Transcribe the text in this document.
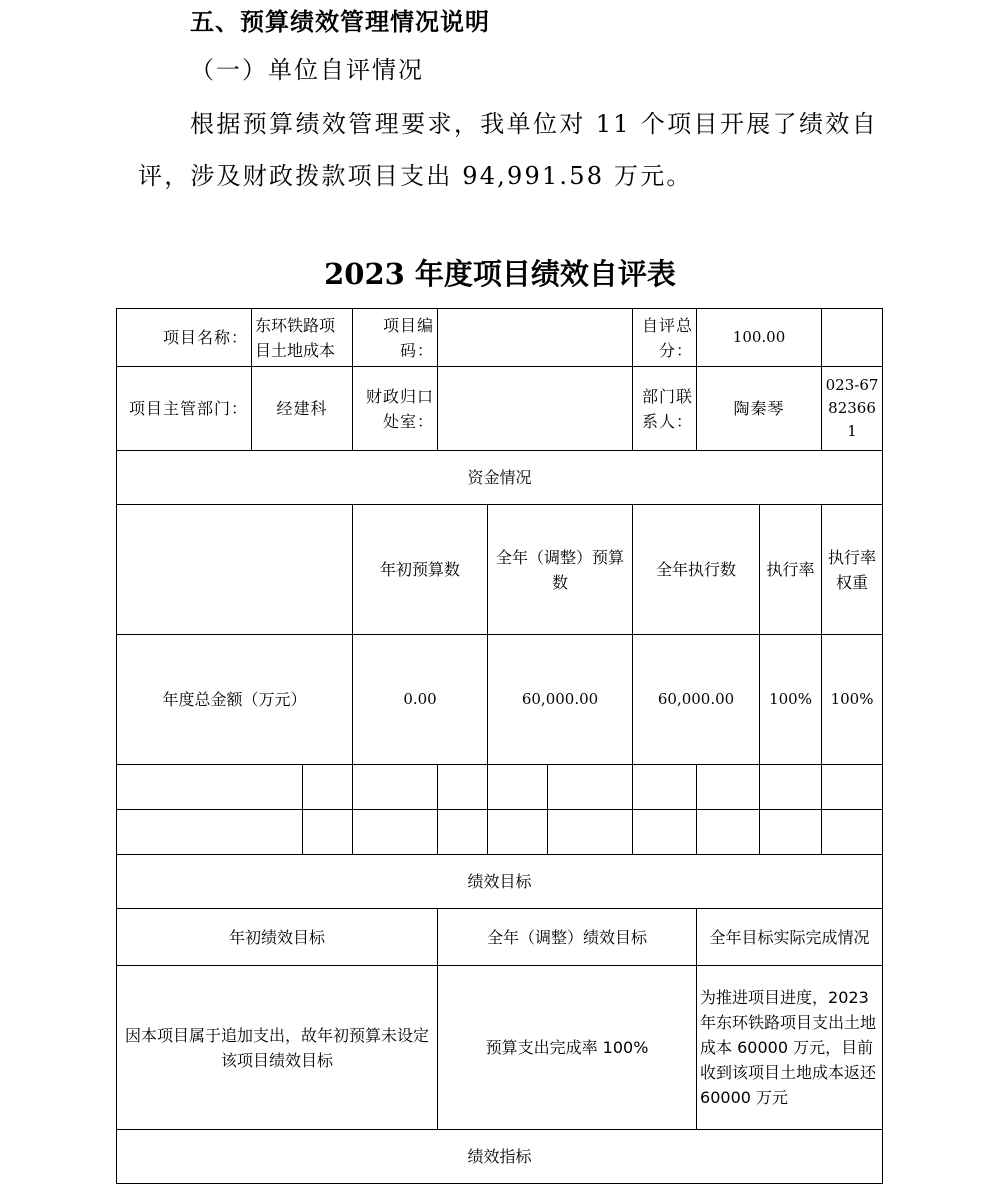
五、预算绩效管理情况说明
（一）单位自评情况
根据预算绩效管理要求，我单位对 11 个项目开展了绩效自评，涉及财政拨款项目支出 94,991.58 万元。
2023 年度项目绩效自评表
项目名称：	东环铁路项目土地成本		项目编码：				自评总分：	100.00			
项目主管部门：	经建科		财政归口处室：				部门联系人：	陶秦琴		023-67823661	
资金情况											
			年初预算数		全年（调整）预算数		全年执行数		执行率	执行率权重	
年度总金额（万元）			0.00		60,000.00		60,000.00		100%	100%	

绩效目标											
年初绩效目标				全年（调整）绩效目标				全年目标实际完成情况			
因本项目属于追加支出，故年初预算未设定该项目绩效目标				预算支出完成率 100%				为推进项目进度，2023 年东环铁路项目支出土地成本 60000 万元，目前收到该项目土地成本返还 60000 万元			
绩效指标											
